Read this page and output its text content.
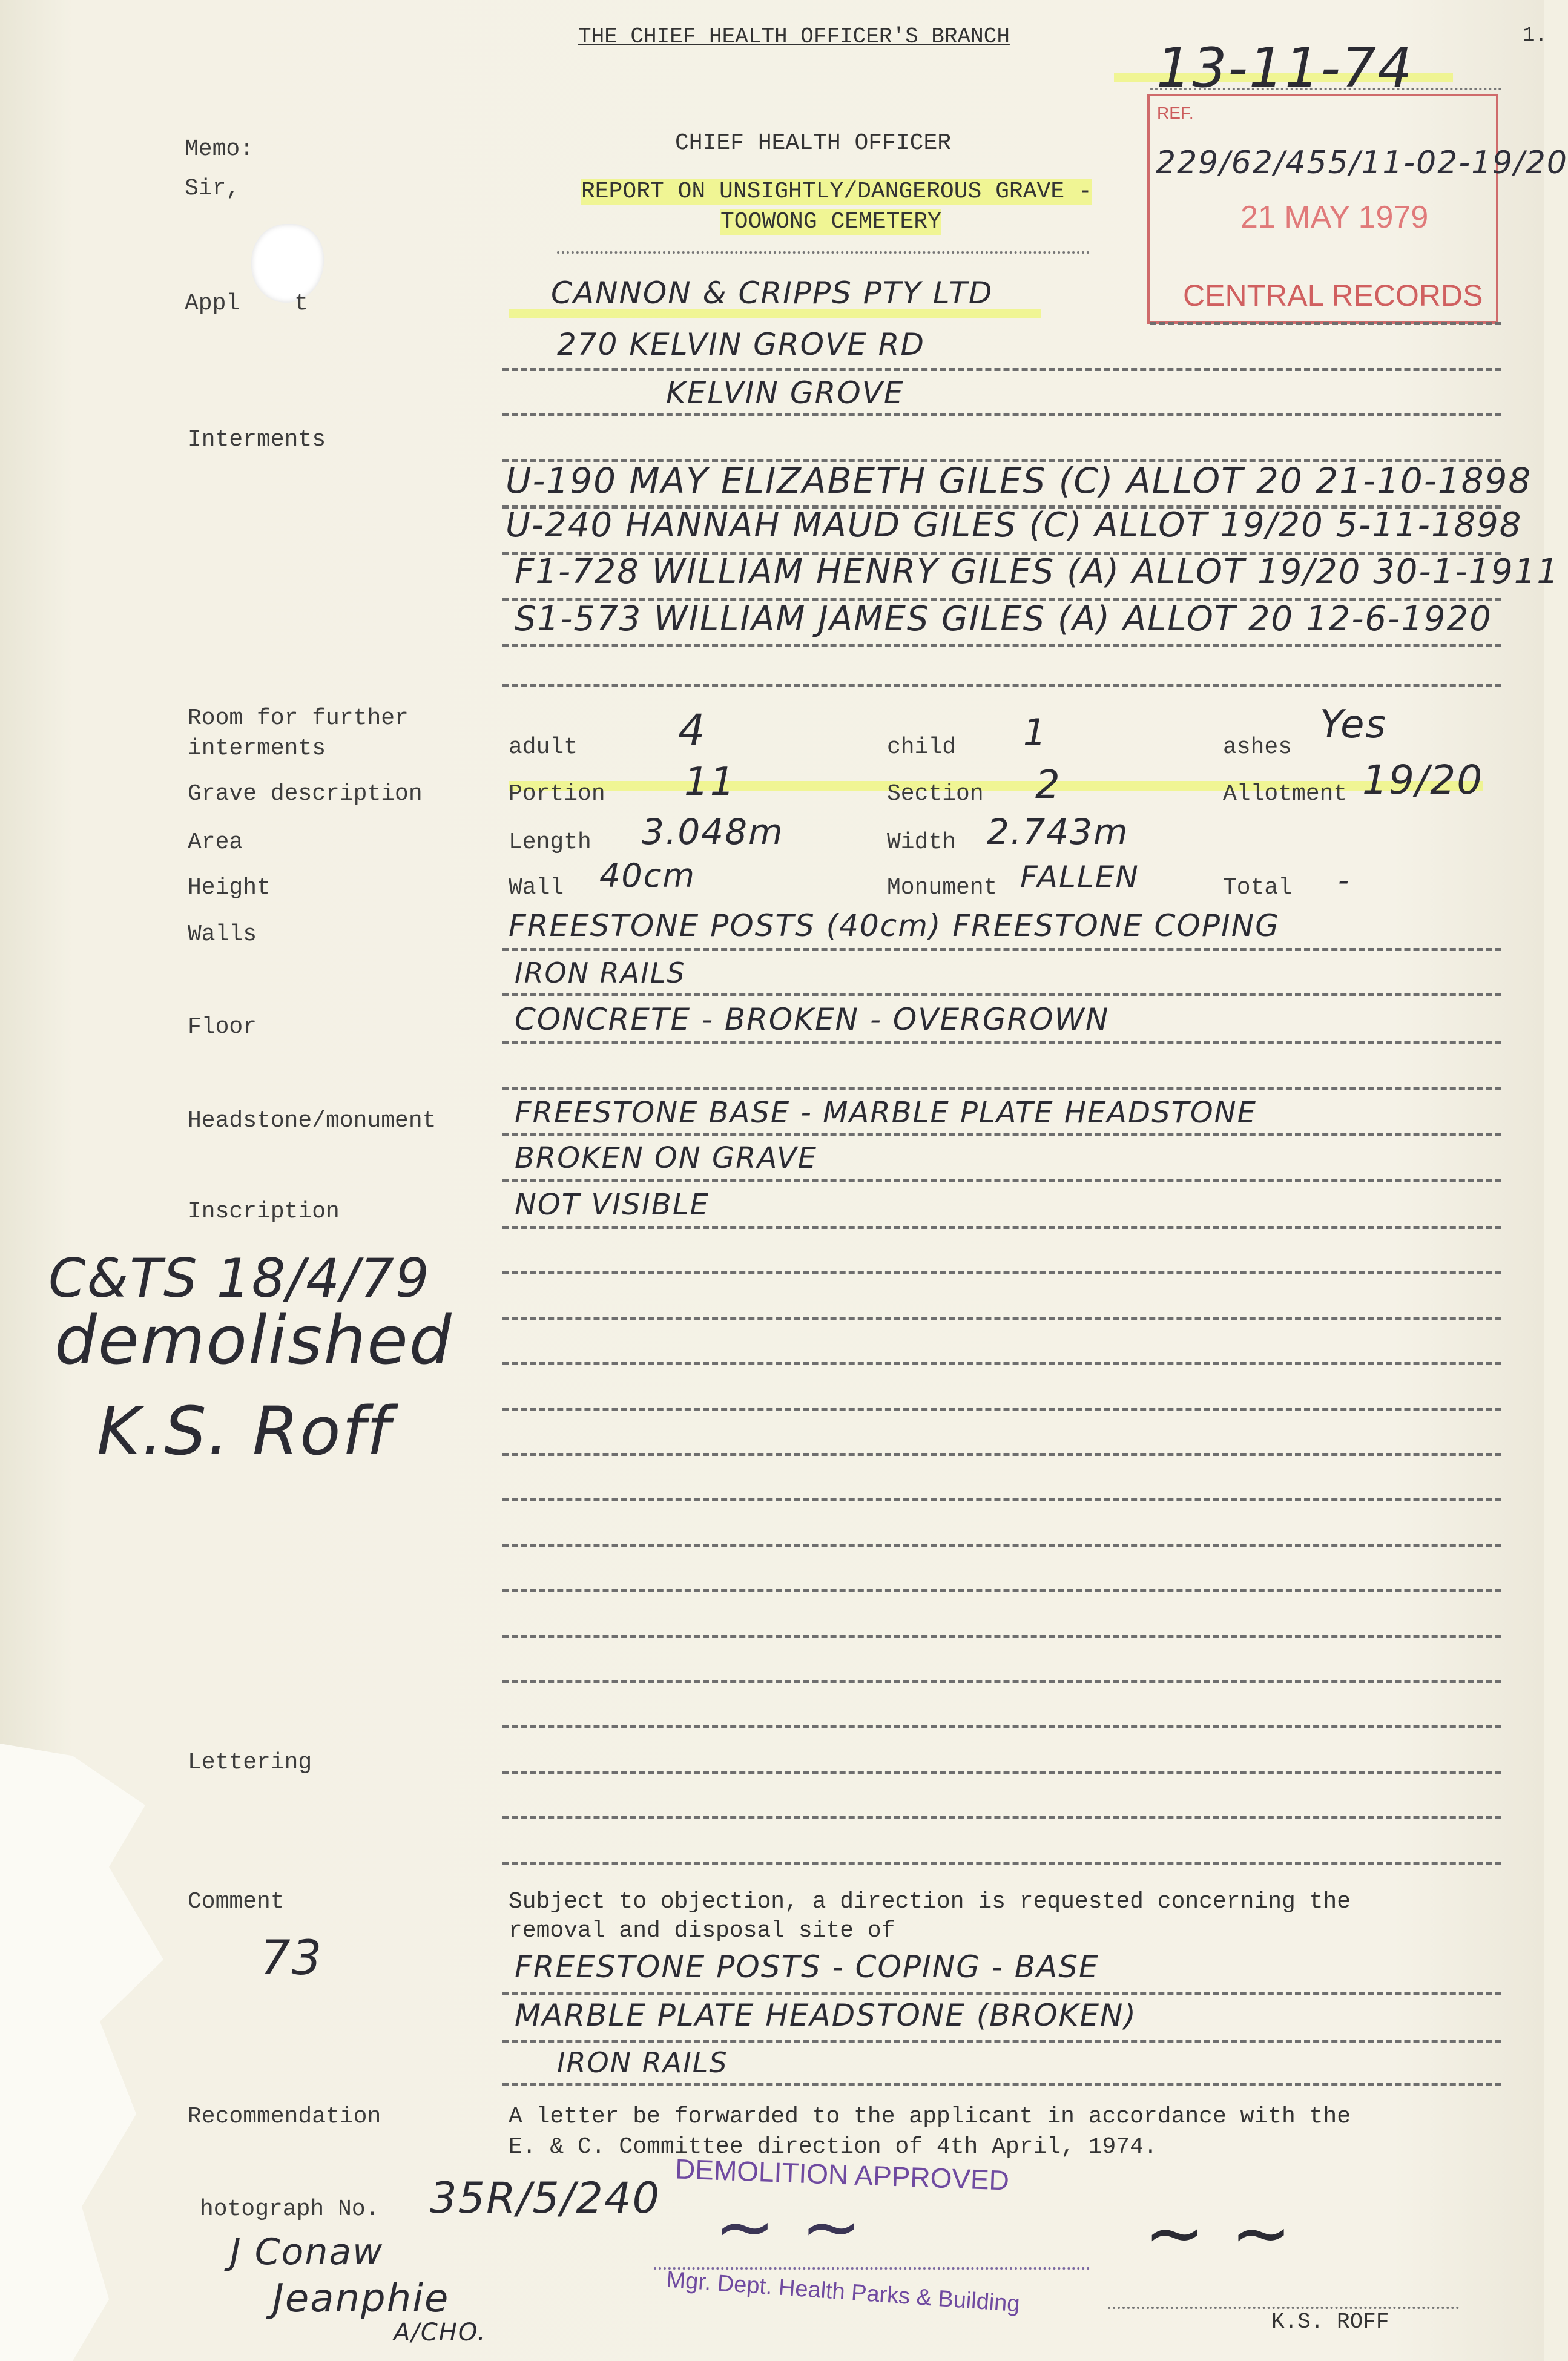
THE CHIEF HEALTH OFFICER'S BRANCH	1.
13-11-74
Memo:
Sir,
CHIEF HEALTH OFFICER
REPORT ON UNSIGHTLY/DANGEROUS GRAVE -
TOOWONG CEMETERY
REF.
229/62/455/11-02-19/20
21 MAY 1979
CENTRAL RECORDS
Appl t	CANNON & CRIPPS PTY LTD
270 KELVIN GROVE RD
KELVIN GROVE
Interments
U-190 MAY ELIZABETH GILES (C) ALLOT 20 21-10-1898
U-240 HANNAH MAUD GILES (C) ALLOT 19/20 5-11-1898
F1-728 WILLIAM HENRY GILES (A) ALLOT 19/20 30-1-1911
S1-573 WILLIAM JAMES GILES (A) ALLOT 20 12-6-1920
Room for further
interments	adult 4	child 1	ashes
Yes
Grave description	Portion 11	Section 2	Allotment 19/20
Area	Length 3.048m	Width 2.743m
Height	Wall 40cm	Monument FALLEN	Total -
Walls	FREESTONE POSTS (40cm) FREESTONE COPING
IRON RAILS
Floor	CONCRETE - BROKEN - OVERGROWN
Headstone/monument	FREESTONE BASE - MARBLE PLATE HEADSTONE
BROKEN ON GRAVE
Inscription	NOT VISIBLE
C&TS 18/4/79
demolished
K.S. Roff
Lettering
Comment
73
Subject to objection, a direction is requested concerning the
removal and disposal site of
FREESTONE POSTS - COPING - BASE
MARBLE PLATE HEADSTONE (BROKEN)
IRON RAILS
Recommendation	A letter be forwarded to the applicant in accordance with the
E. & C. Committee direction of 4th April, 1974.
hotograph No. 35R/5/240 DEMOLITION APPROVED
Mgr. Dept. Health Parks & Building
~ ~	~ ~
K.S. ROFF
J Conaw
Jeanphie
A/CHO.
